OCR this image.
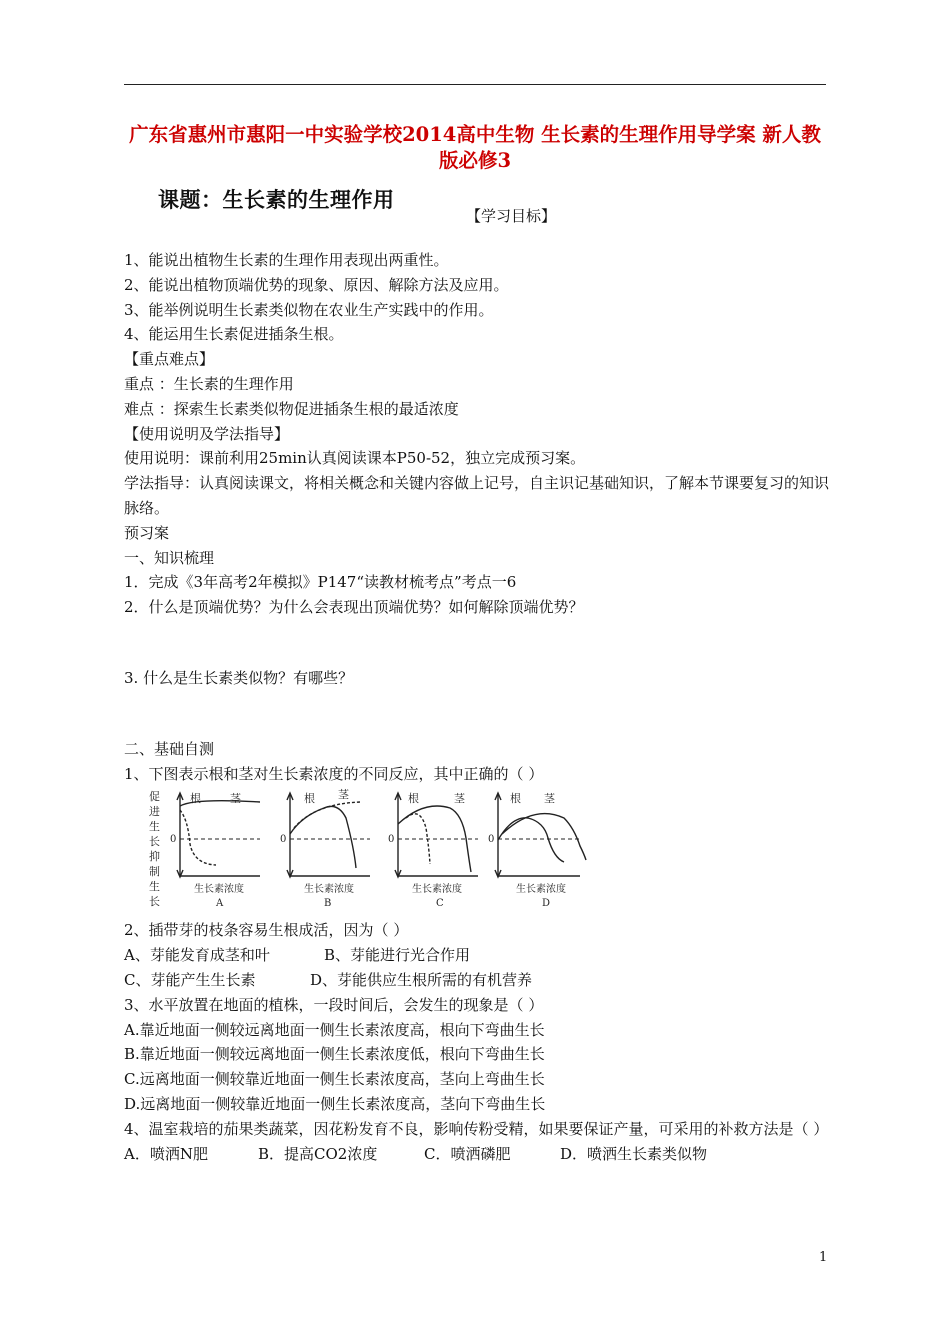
广东省惠州市惠阳一中实验学校2014高中生物 生长素的生理作用导学案 新人教版必修3
课题：生长素的生理作用
【学习目标】

1、能说出植物生长素的生理作用表现出两重性。

2、能说出植物顶端优势的现象、原因、解除方法及应用。

3、能举例说明生长素类似物在农业生产实践中的作用。

4、能运用生长素促进插条生根。

【重点难点】

重点 ：生长素的生理作用

难点 ：探索生长素类似物促进插条生根的最适浓度

【使用说明及学法指导】

使用说明：课前利用25min认真阅读课本P50-52，独立完成预习案。

学法指导：认真阅读课文，将相关概念和关键内容做上记号，自主识记基础知识，了解本节课要复习的知识脉络。

预习案

一、知识梳理

1．完成《3年高考2年模拟》P147“读教材梳考点”考点一6

2．什么是顶端优势？为什么会表现出顶端优势？如何解除顶端优势？

3. 什么是生长素类似物？有哪些？

二、基础自测

1、下图表示根和茎对生长素浓度的不同反应，其中正确的（ ）

促
进
生
长
抑
制
生
长
0
根	茎
生长素浓度
A
0
根 茎
生长素浓度
B
0
根	茎
生长素浓度
C
0
根 茎
生长素浓度
D

2、插带芽的枝条容易生根成活，因为（ ）

A、芽能发育成茎和叶	B、芽能进行光合作用

C、芽能产生生长素	D、芽能供应生根所需的有机营养

3、水平放置在地面的植株，一段时间后，会发生的现象是（ ）

A.靠近地面一侧较远离地面一侧生长素浓度高，根向下弯曲生长

B.靠近地面一侧较远离地面一侧生长素浓度低，根向下弯曲生长

C.远离地面一侧较靠近地面一侧生长素浓度高，茎向上弯曲生长

D.远离地面一侧较靠近地面一侧生长素浓度高，茎向下弯曲生长

4、温室栽培的茄果类蔬菜，因花粉发育不良，影响传粉受精，如果要保证产量，可采用的补救方法是（ ）

A．喷洒N肥	B．提高CO2浓度	C．喷洒磷肥	D．喷洒生长素类似物

1
